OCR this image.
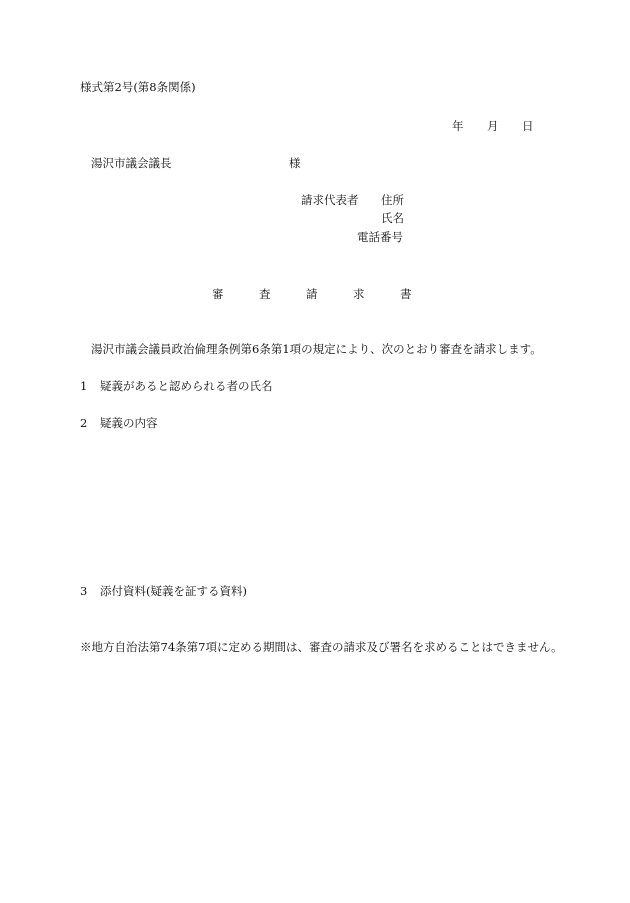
様式第2号(第8条関係)
年 月 日
湯沢市議会議長	様
請求代表者 住所
氏名
電話番号
審	査	請	求	書
湯沢市議会議員政治倫理条例第6条第1項の規定により、次のとおり審査を請求します。
1 疑義があると認められる者の氏名
2 疑義の内容
3 添付資料(疑義を証する資料)
※地方自治法第74条第7項に定める期間は、審査の請求及び署名を求めることはできません。
